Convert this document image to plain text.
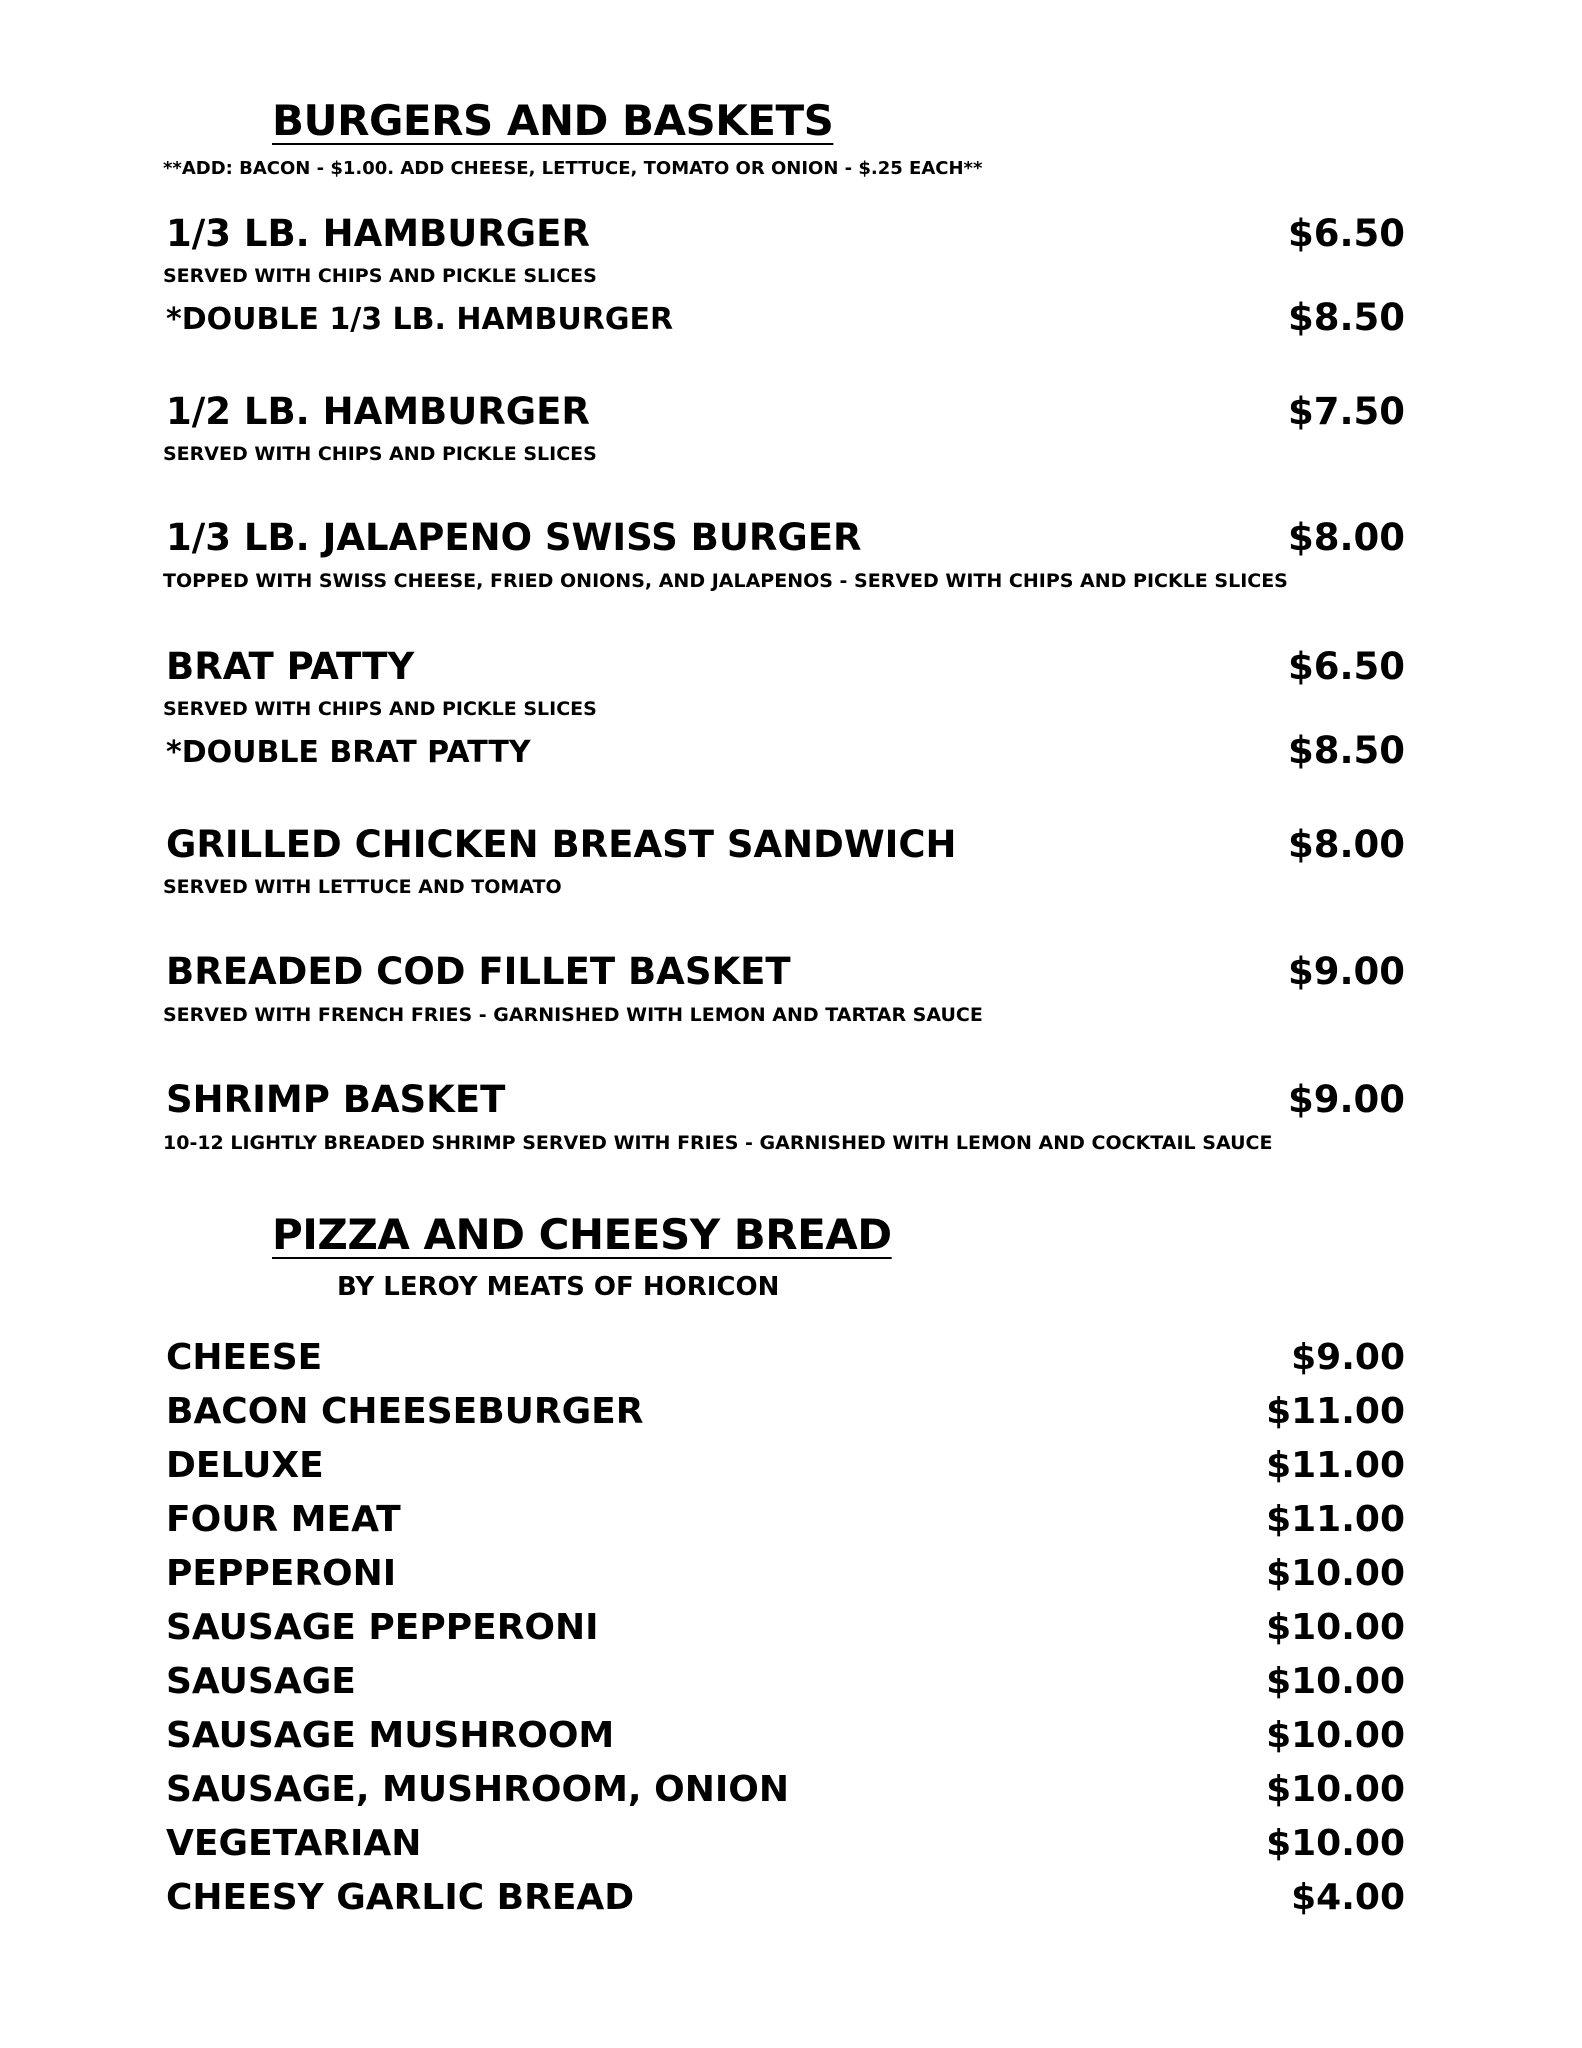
BURGERS AND BASKETS
**ADD: BACON - $1.00. ADD CHEESE, LETTUCE, TOMATO OR ONION - $.25 EACH**
1/3 LB. HAMBURGER	$6.50
SERVED WITH CHIPS AND PICKLE SLICES
*DOUBLE 1/3 LB. HAMBURGER	$8.50
1/2 LB. HAMBURGER	$7.50
SERVED WITH CHIPS AND PICKLE SLICES
1/3 LB. JALAPENO SWISS BURGER	$8.00
TOPPED WITH SWISS CHEESE, FRIED ONIONS, AND JALAPENOS - SERVED WITH CHIPS AND PICKLE SLICES
BRAT PATTY	$6.50
SERVED WITH CHIPS AND PICKLE SLICES
*DOUBLE BRAT PATTY	$8.50
GRILLED CHICKEN BREAST SANDWICH	$8.00
SERVED WITH LETTUCE AND TOMATO
BREADED COD FILLET BASKET	$9.00
SERVED WITH FRENCH FRIES - GARNISHED WITH LEMON AND TARTAR SAUCE
SHRIMP BASKET	$9.00
10-12 LIGHTLY BREADED SHRIMP SERVED WITH FRIES - GARNISHED WITH LEMON AND COCKTAIL SAUCE
PIZZA AND CHEESY BREAD
BY LEROY MEATS OF HORICON
CHEESE	$9.00
BACON CHEESEBURGER	$11.00
DELUXE	$11.00
FOUR MEAT	$11.00
PEPPERONI	$10.00
SAUSAGE PEPPERONI	$10.00
SAUSAGE	$10.00
SAUSAGE MUSHROOM	$10.00
SAUSAGE, MUSHROOM, ONION	$10.00
VEGETARIAN	$10.00
CHEESY GARLIC BREAD	$4.00
